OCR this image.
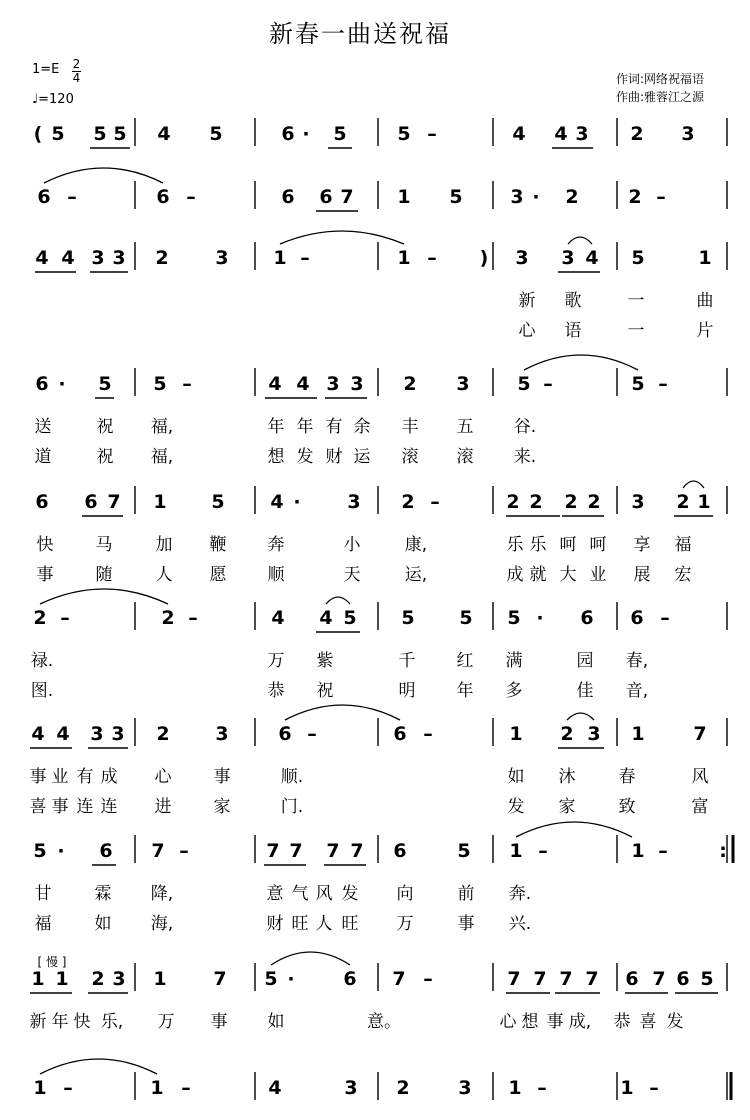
新春一曲送祝福
1=E 2
4
♩=120
作词:网络祝福语
作曲:雅蓉江之源
( 5 5 5 4 5	6 · 5	5 –	4 4 3 2 3
6 –	6 –	6 6 7 1 5	3 · 2	2 –
4 4 3 3 2 3 1 –	1 – ) 3 3 4 5	1
新 歌	一	曲
心 语	一	片
6 · 5 5 –	4 4 3 3 2 3	5 –	5 –
送	祝 福,	年 年 有 余 丰 五 谷.
道	祝 福,	想 发 财 运 滚 滚 来.
6 6 7 1 5 4 · 3 2 –	2 2 2 2 3 2 1
快 马	加 鞭 奔	小	康,	乐 乐 呵 呵 享 福
事 随	人 愿 顺	天	运,	成 就 大 业 展 宏
2 –	2 –	4 4 5 5 5 5 · 6 6 –
禄.	万 紫	千 红 满	园 春,
图.	恭 祝	明 年 多	佳 音,
4 4 3 3 2 3	6 –	6 –	1 2 3 1	7
事 业 有 成 心 事	顺.	如 沐	春	风
喜 事 连 连 进 家	门.	发 家	致	富
5 · 6 7 –	7 7 7 7 6	5 1 –	1 –	:
甘	霖 降,	意 气 风 发 向	前 奔.
福	如 海,	财 旺 人 旺 万	事 兴.
1 1 2 3 1 7 5 ·	6 7 –	7 7 7 7 6 7 6 5
新 年 快 乐, 万 事 如	意。	心 想 事 成, 恭 喜 发
1 –	1 –	4	3 2	3 1 –	1 –
[ 慢 ]
